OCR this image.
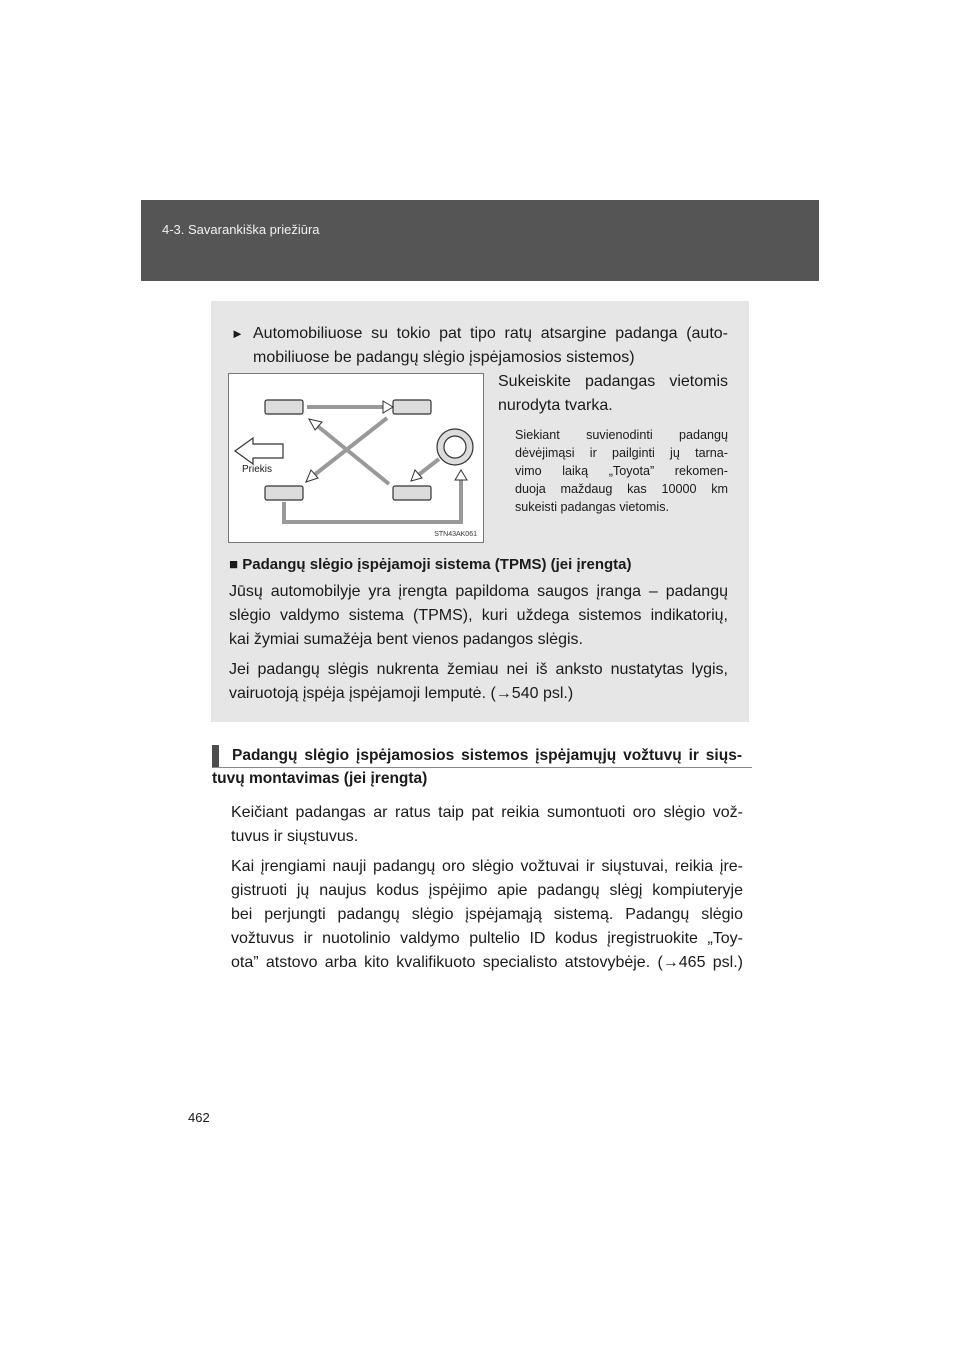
4-3. Savarankiška priežiūra
► Automobiliuose su tokio pat tipo ratų atsargine padanga (auto-
mobiliuose be padangų slėgio įspėjamosios sistemos)
Priekis
STN43AK061
Sukeiskite padangas vietomis
nurodyta tvarka.
Siekiant suvienodinti padangų
dėvėjimąsi ir pailginti jų tarna-
vimo laiką „Toyota” rekomen-
duoja maždaug kas 10000 km
sukeisti padangas vietomis.
■ Padangų slėgio įspėjamoji sistema (TPMS) (jei įrengta)
Jūsų automobilyje yra įrengta papildoma saugos įranga – padangų
slėgio valdymo sistema (TPMS), kuri uždega sistemos indikatorių,
kai žymiai sumažėja bent vienos padangos slėgis.
Jei padangų slėgis nukrenta žemiau nei iš anksto nustatytas lygis,
vairuotoją įspėja įspėjamoji lemputė. (→540 psl.)
Padangų slėgio įspėjamosios sistemos įspėjamųjų vožtuvų ir siųs-
tuvų montavimas (jei įrengta)
Keičiant padangas ar ratus taip pat reikia sumontuoti oro slėgio vož-
tuvus ir siųstuvus.
Kai įrengiami nauji padangų oro slėgio vožtuvai ir siųstuvai, reikia įre-
gistruoti jų naujus kodus įspėjimo apie padangų slėgį kompiuteryje
bei perjungti padangų slėgio įspėjamąją sistemą. Padangų slėgio
vožtuvus ir nuotolinio valdymo pultelio ID kodus įregistruokite „Toy-
ota” atstovo arba kito kvalifikuoto specialisto atstovybėje. (→465 psl.)
462
